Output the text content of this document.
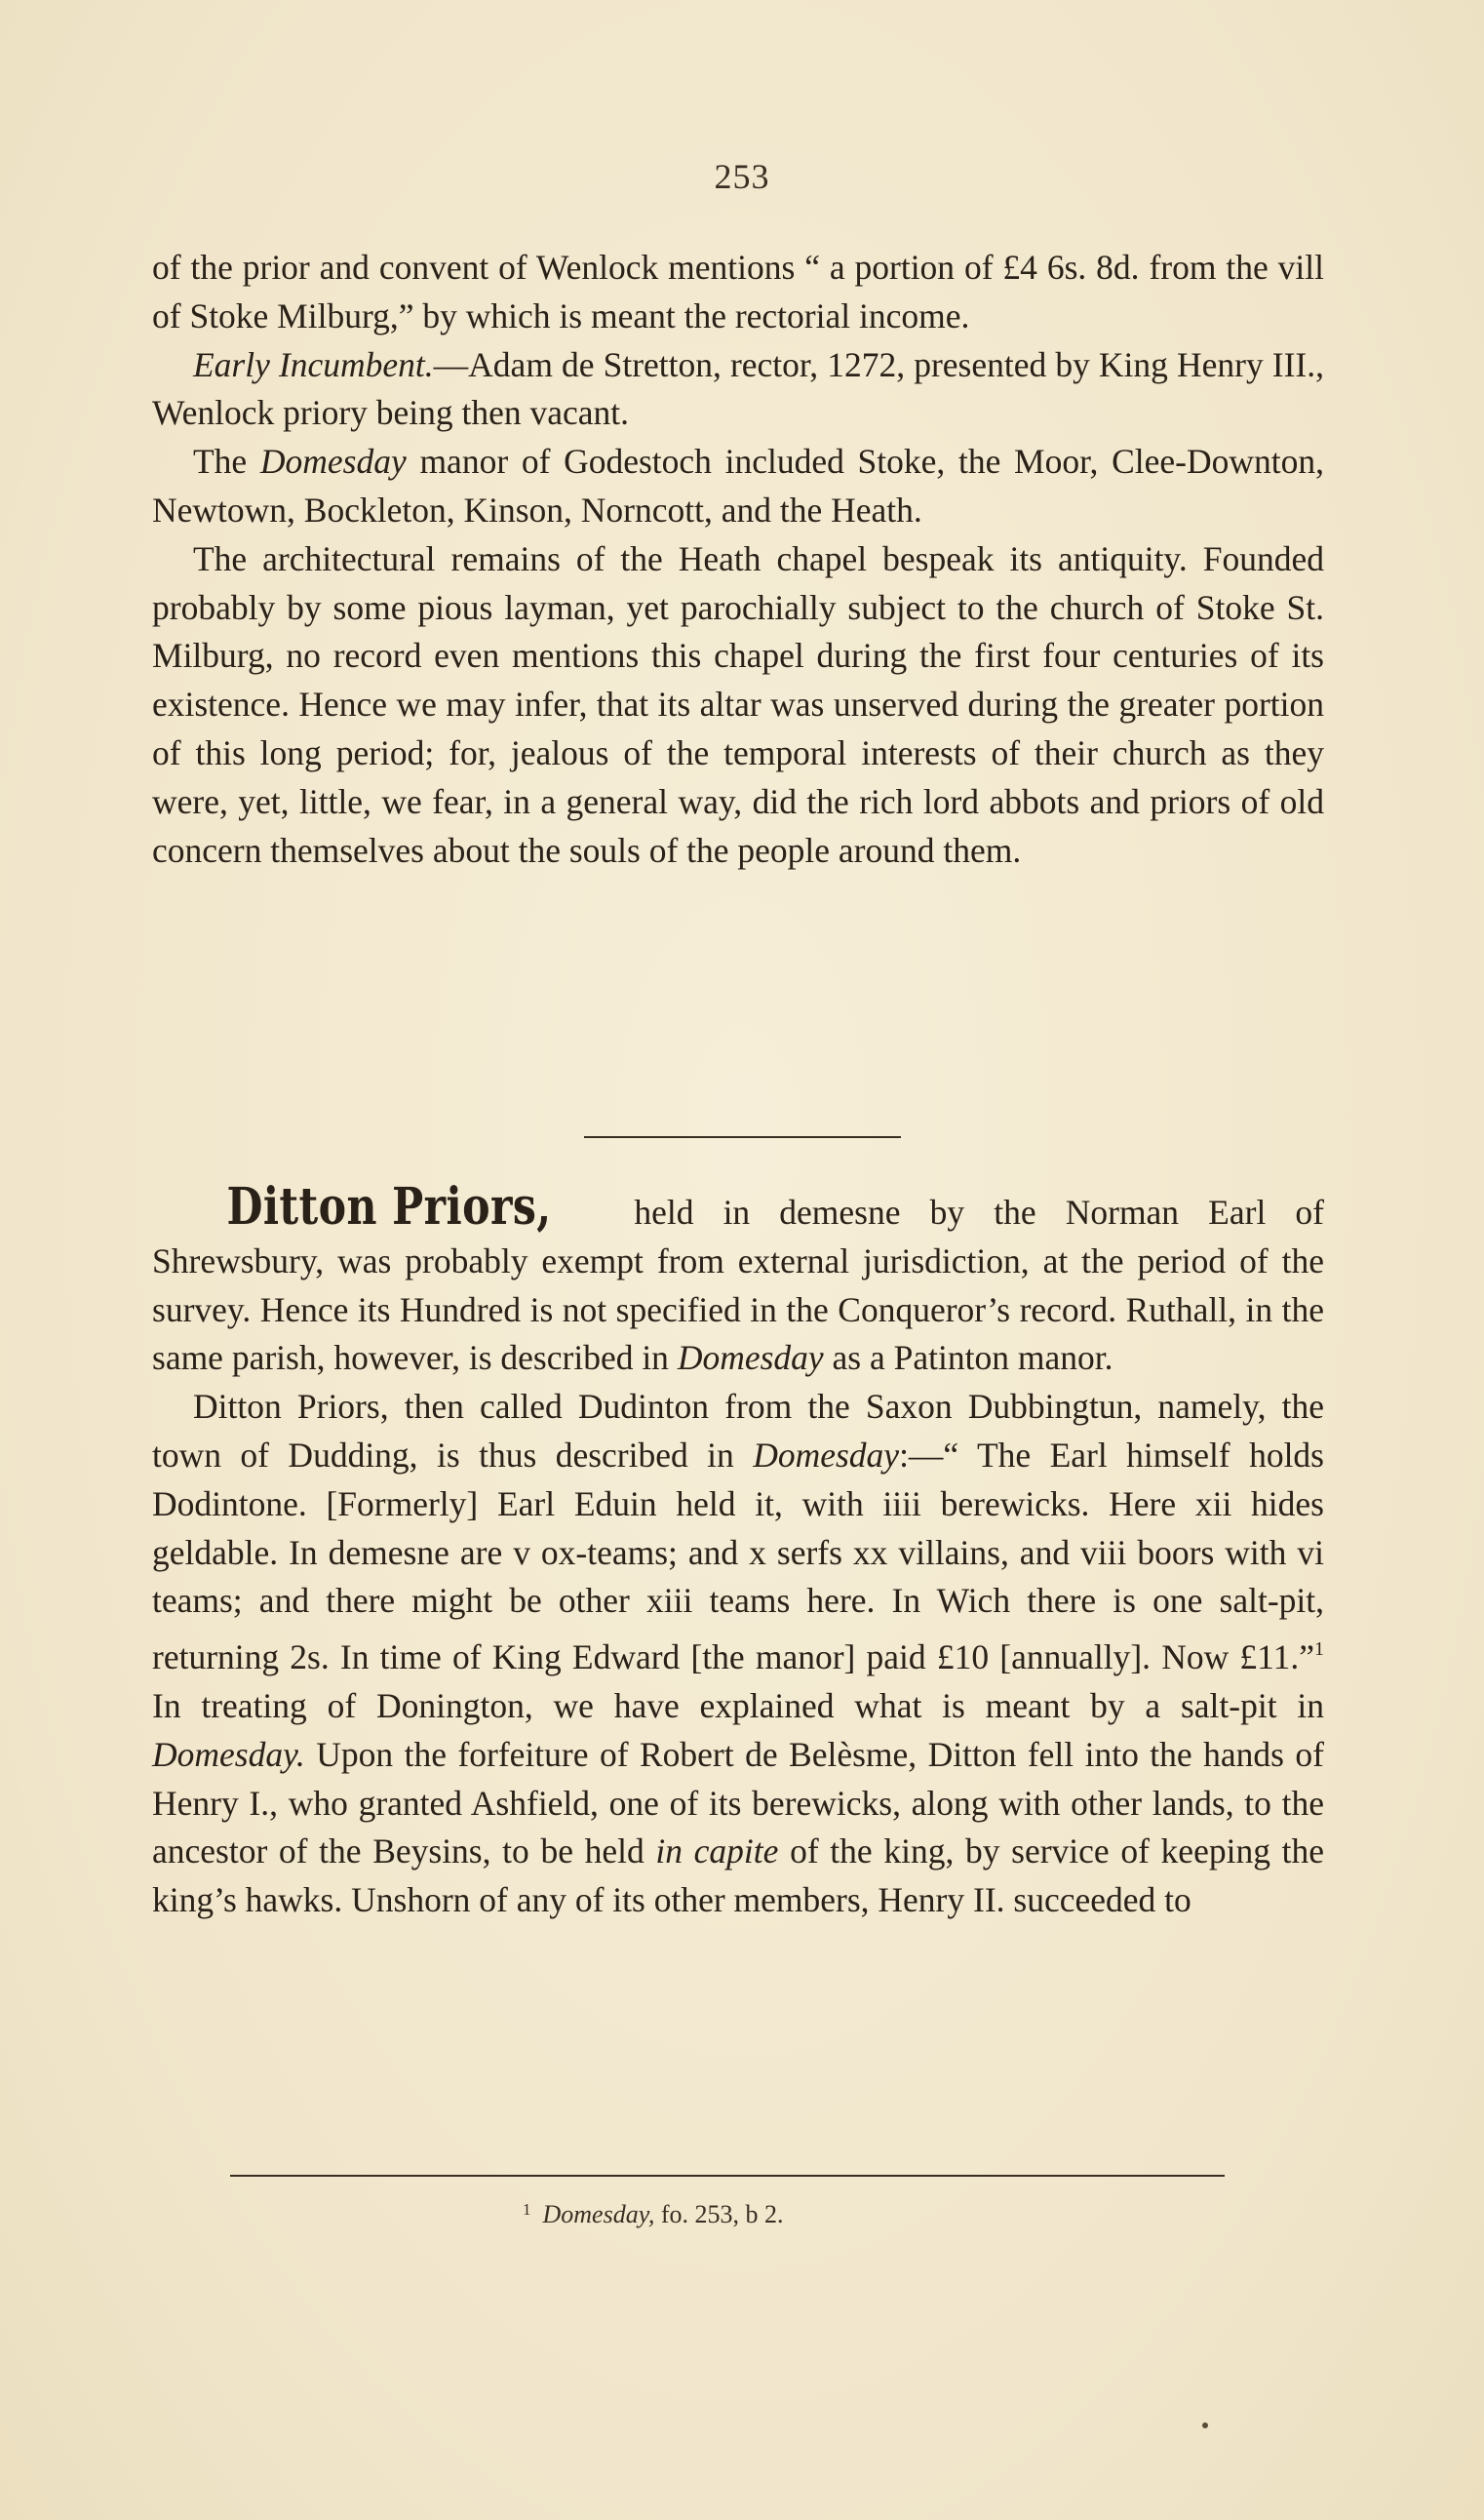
253

of the prior and convent of Wenlock mentions “ a portion of £4 6s. 8d. from the vill of Stoke Milburg,” by which is meant the rectorial income.

Early Incumbent.—Adam de Stretton, rector, 1272, presented by King Henry III., Wenlock priory being then vacant.

The Domesday manor of Godestoch included Stoke, the Moor, Clee-Downton, Newtown, Bockleton, Kinson, Norncott, and the Heath.

The architectural remains of the Heath chapel bespeak its antiquity. Founded probably by some pious layman, yet parochially subject to the church of Stoke St. Milburg, no record even mentions this chapel during the first four centuries of its existence. Hence we may infer, that its altar was unserved during the greater portion of this long period; for, jealous of the temporal interests of their church as they were, yet, little, we fear, in a general way, did the rich lord abbots and priors of old concern themselves about the souls of the people around them.

Ditton Priors, held in demesne by the Norman Earl of Shrewsbury, was probably exempt from external jurisdiction, at the period of the survey. Hence its Hundred is not specified in the Conqueror’s record. Ruthall, in the same parish, however, is described in Domesday as a Patinton manor.

Ditton Priors, then called Dudinton from the Saxon Dubbingtun, namely, the town of Dudding, is thus described in Domesday:—“ The Earl himself holds Dodintone. [Formerly] Earl Eduin held it, with iiii berewicks. Here xii hides geldable. In demesne are v ox-teams; and x serfs xx villains, and viii boors with vi teams; and there might be other xiii teams here. In Wich there is one salt-pit, returning 2s. In time of King Edward [the manor] paid £10 [annually]. Now £11.”$^1$ In treating of Donington, we have explained what is meant by a salt-pit in Domesday. Upon the forfeiture of Robert de Belèsme, Ditton fell into the hands of Henry I., who granted Ashfield, one of its berewicks, along with other lands, to the ancestor of the Beysins, to be held in capite of the king, by service of keeping the king’s hawks. Unshorn of any of its other members, Henry II. succeeded to

$^1$ Domesday, fo. 253, b 2.
